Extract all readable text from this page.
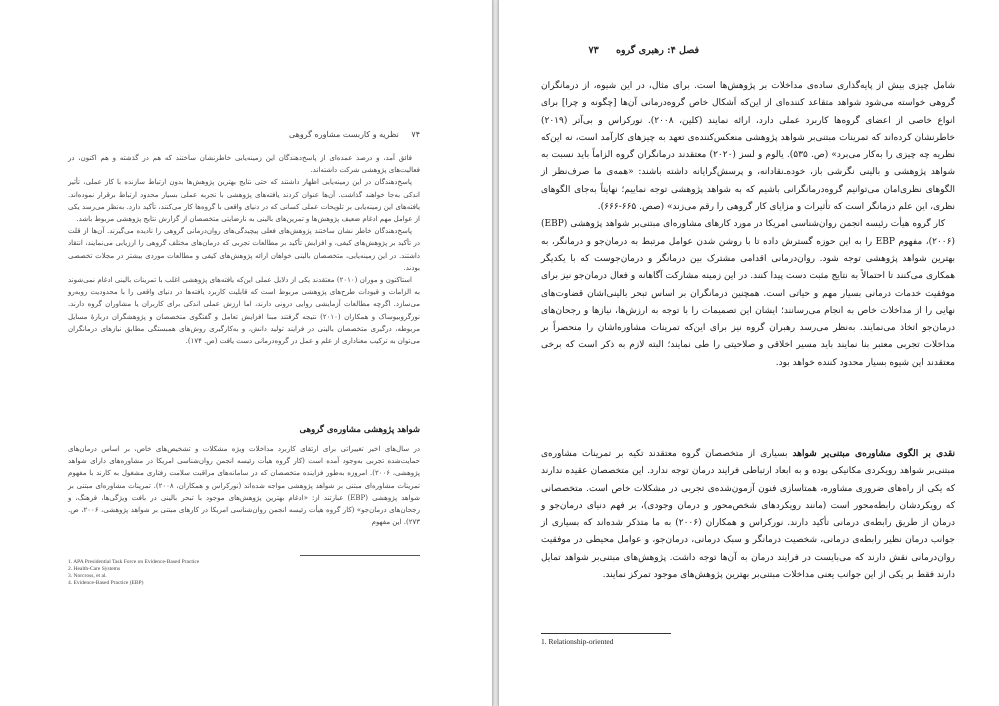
۷۴ نظریه و کاربست مشاوره گروهی

فائق آمد، و درصد عمده‌ای از پاسخ‌دهندگان این زمینه‌یابی خاطرنشان ساختند که هم در گذشته و هم اکنون، در فعالیت‌های پژوهشی شرکت داشته‌اند.

پاسخ‌دهندگان در این زمینه‌یابی اظهار داشتند که حتی نتایج بهترین پژوهش‌ها بدون ارتباط سازنده با کار عملی، تأثیر اندکی به‌جا خواهند گذاشت. آن‌ها عنوان کردند یافته‌های پژوهشی با تجربه عملی بسیار محدود ارتباط برقرار نموده‌اند. یافته‌های این زمینه‌یابی بر تلویحات عملی کسانی که در دنیای واقعی با گروه‌ها کار می‌کنند، تأکید دارد. به‌نظر می‌رسد یکی از عوامل مهم ادغام ضعیف پژوهش‌ها و تمرین‌های بالینی به نارضایتی متخصصان از گزارش نتایج پژوهشی مربوط باشد.

پاسخ‌دهندگان خاطر نشان ساختند پژوهش‌های فعلی پیچیدگی‌های روان‌درمانی گروهی را نادیده می‌گیرند. آن‌ها از قلت در تأکید بر پژوهش‌های کیفی، و افزایش تأکید بر مطالعات تجربی که درمان‌های مختلف گروهی را ارزیابی می‌نمایند، انتقاد داشتند. در این زمینه‌یابی، متخصصان بالینی خواهان ارائه پژوهش‌های کیفی و مطالعات موردی بیشتر در مجلات تخصصی بودند.

استاکتون و موران (۲۰۱۰) معتقدند یکی از دلایل عملی این‌که یافته‌های پژوهشی اغلب با تمرینات بالینی ادغام نمی‌شوند به الزامات و قیودات طرح‌های پژوهشی مربوط است که قابلیت کاربرد یافته‌ها در دنیای واقعی را با محدودیت روبه‌رو می‌سازد. اگرچه مطالعات آزمایشی روایی درونی دارند، اما ارزش عملی اندکی برای کاربران یا مشاوران گروه دارند. نورگروبیوساک و همکاران (۲۰۱۰) نتیجه گرفتند مبنا افزایش تعامل و گفتگوی متخصصان و پژوهشگران دربارهٔ مسایل مربوطه، درگیری متخصصان بالینی در فرایند تولید دانش، و به‌کارگیری روش‌های همبستگی مطابق نیازهای درمانگران می‌توان به ترکیب معناداری از علم و عمل در گروه‌درمانی دست یافت (ص. ۱۷۴).

شواهد پژوهشی مشاوره‌ی گروهی
در سال‌های اخیر تغییراتی برای ارتقای کاربرد مداخلات ویژه مشکلات و تشخیص‌های خاص، بر اساس درمان‌های حمایت‌شده تجربی به‌وجود آمده است (کار گروه هیأت رئیسه انجمن روان‌شناسی امریکا در مشاوره‌های دارای شواهد پژوهشی، ۲۰۰۶). امروزه به‌طور فزاینده متخصصان که در سامانه‌های مراقبت سلامت رفتاری مشغول به کارند با مفهوم تمرینات مشاوره‌ای مبتنی بر شواهد پژوهشی مواجه شده‌اند (نورکراس و همکاران، ۲۰۰۸). تمرینات مشاوره‌ای مبتنی بر شواهد پژوهشی (EBP) عبارتند از: «ادغام بهترین پژوهش‌های موجود با تبحر بالینی در بافت ویژگی‌ها، فرهنگ، و رجحان‌های درمان‌جو» (کار گروه هیأت رئیسه انجمن روان‌شناسی امریکا در کارهای مبتنی بر شواهد پژوهشی، ۲۰۰۶، ص. ۲۷۳). این مفهوم
1. APA Presidential Task Force on Evidence-Based Practice
2. Health-Care Systems
3. Norcross, et al.
4. Evidence-Based Practice (EBP)
فصل ۴: رهبری گروه ۷۳

شامل چیزی بیش از پایه‌گذاری ساده‌ی مداخلات بر پژوهش‌ها است. برای مثال، در این شیوه، از درمانگران گروهی خواسته می‌شود شواهد متقاعد کننده‌ای از این‌که اَشکال خاص گروه‌درمانی آن‌ها [چگونه و چرا] برای انواع خاصی از اعضای گروه‌ها کاربرد عملی دارد، ارائه نمایند (کلین، ۲۰۰۸). نورکراس و بی‌آتر (۲۰۱۹) خاطرنشان کرده‌اند که تمرینات مبتنی‌بر شواهد پژوهشی منعکس‌کننده‌ی تعهد به چیزهای کارآمد است، نه این‌که نظریه چه چیزی را به‌کار می‌برد» (ص. ۵۳۵). یالوم و لسز (۲۰۲۰) معتقدند درمانگران گروه الزاماً باید نسبت به شواهد پژوهشی و بالینی نگرشی باز، خوده‌ـ‌نقادانه، و پرسش‌گرایانه داشته باشند: «همه‌ی ما صرف‌نظر از الگوهای نظری‌امان می‌توانیم گروه‌درمانگرانی باشیم که به شواهد پژوهشی توجه نماییم؛ نهایتاً به‌جای الگوهای نظری، این علم درمانگر است که تأثیرات و مزایای کار گروهی را رقم می‌زند» (صص. ۶۶۵-۶۶۶).

کار گروه هیأت رئیسه انجمن روان‌شناسی امریکا در مورد کارهای مشاوره‌ای مبتنی‌بر شواهد پژوهشی (EBP) (۲۰۰۶)، مفهوم EBP را به این حوزه گسترش داده تا با روشن شدن عوامل مرتبط به درمان‌جو و درمانگر، به بهترین شواهد پژوهشی توجه شود. روان‌درمانی اقدامی مشترک بین درمانگر و درمان‌جوست که با یکدیگر همکاری می‌کنند تا احتمالاً به نتایج مثبت دست پیدا کنند. در این زمینه مشارکت آگاهانه و فعال درمان‌جو نیز برای موفقیت خدمات درمانی بسیار مهم و حیاتی است. همچنین درمانگران بر اساس تبحر بالینی‌اشان قضاوت‌های نهایی را از مداخلات خاص به انجام می‌رسانند؛ ایشان این تصمیمات را با توجه به ارزش‌ها، نیازها و رجحان‌های درمان‌جو اتخاذ می‌نمایند. به‌نظر می‌رسد رهبران گروه نیز برای این‌که تمرینات مشاوره‌اشان را منحصراً بر مداخلات تجربی معتبر بنا نمایند باید مسیر اخلاقی و صلاحیتی را طی نمایند؛ البته لازم به ذکر است که برخی معتقدند این شیوه بسیار محدود کننده خواهد بود.

نقدی بر الگوی مشاوره‌ی مبتنی‌بر شواهد بسیاری از متخصصان گروه معتقدند تکیه بر تمرینات مشاوره‌ی مبتنی‌بر شواهد رویکردی مکانیکی بوده و به ابعاد ارتباطی فرایند درمان توجه ندارد. این متخصصان عقیده ندارند که یکی از راه‌های ضروری مشاوره، همتاسازی فنون آزمون‌شده‌ی تجربی در مشکلات خاص است. متخصصانی که رویکردشان رابطه‌محور است (مانند رویکردهای شخص‌محور و درمان وجودی)، بر فهم دنیای درمان‌جو و درمان از طریق رابطه‌ی درمانی تأکید دارند. نورکراس و همکاران (۲۰۰۶) به ما متذکر شده‌اند که بسیاری از جوانب درمان نظیر رابطه‌ی درمانی، شخصیت درمانگر و سبک درمانی، درمان‌جو، و عوامل محیطی در موفقیت روان‌درمانی نقش دارند که می‌بایست در فرایند درمان به آن‌ها توجه داشت. پژوهش‌های مبتنی‌بر شواهد تمایل دارند فقط بر یکی از این جوانب یعنی مداخلات مبتنی‌بر بهترین پژوهش‌های موجود تمرکز نمایند.
1. Relationship-oriented
